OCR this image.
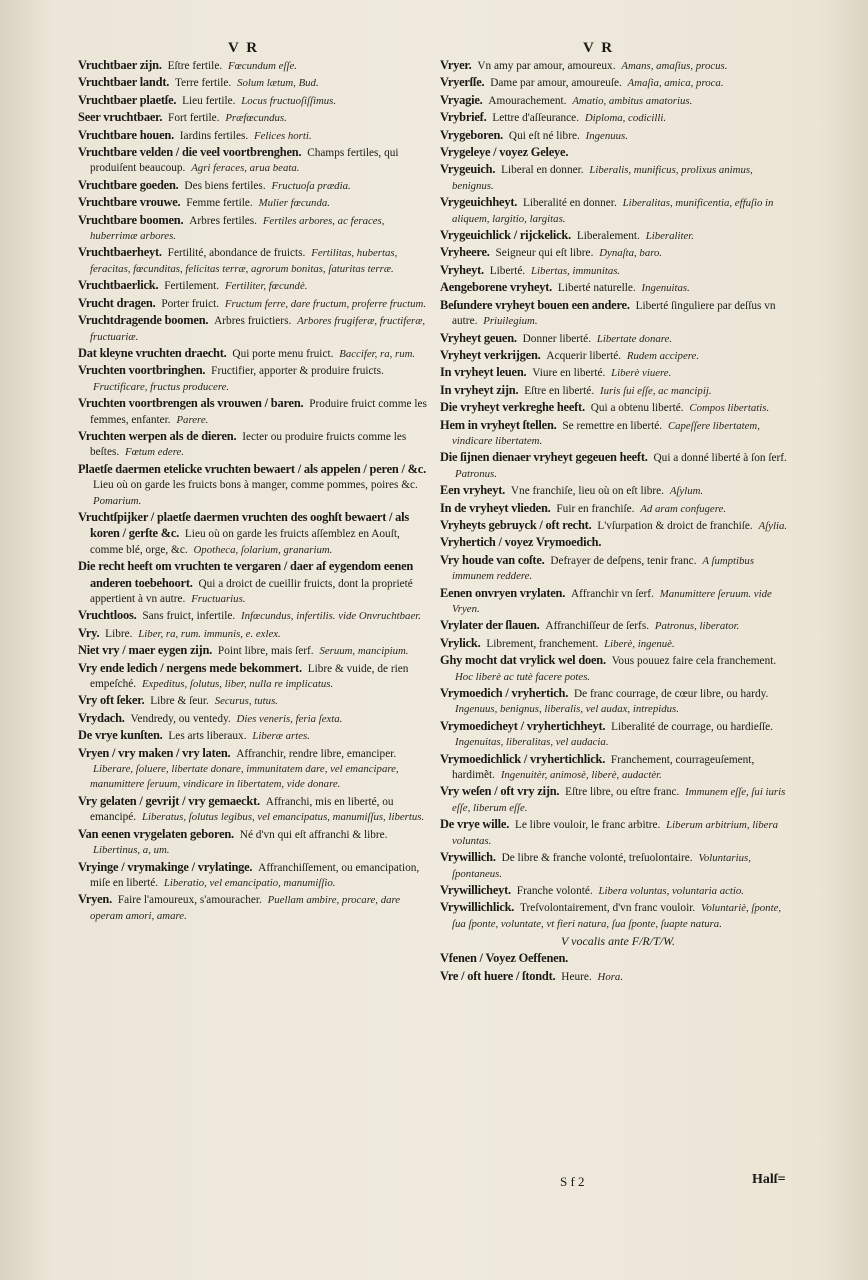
V R	V R
Vruchtbaer zijn. Eſtre fertile. Fœcundum eſſe.
Vruchtbaer landt. Terre fertile. Solum lætum, Bud.
Vruchtbaer plaetſe. Lieu fertile. Locus fructuoſiſſimus.
Seer vruchtbaer. Fort fertile. Præfœcundus.
Vruchtbare houen. Iardins fertiles. Felices horti.
Vruchtbare velden / die veel voortbrenghen. Champs fertiles, qui produiſent beaucoup. Agri feraces, arua beata.
Vruchtbare goeden. Des biens fertiles. Fructuoſa prædia.
Vruchtbare vrouwe. Femme fertile. Mulier fœcunda.
Vruchtbare boomen. Arbres fertiles. Fertiles arbores, ac feraces, huberrimæ arbores.
Vruchtbaerheyt. Fertilité, abondance de fruicts. Fertilitas, hubertas, feracitas, fœcunditas, felicitas terræ, agrorum bonitas, ſaturitas terræ.
Vruchtbaerlick. Fertilement. Fertiliter, fœcundè.
Vrucht dragen. Porter fruict. Fructum ferre, dare fructum, proferre fructum.
Vruchtdragende boomen. Arbres fruictiers. Arbores frugiferæ, fructiferæ, fructuariæ.
Dat kleyne vruchten draecht. Qui porte menu fruict. Baccifer, ra, rum.
Vruchten voortbringhen. Fructifier, apporter & produire fruicts. Fructificare, fructus producere.
Vruchten voortbrengen als vrouwen / baren. Produire fruict comme les femmes, enfanter. Parere.
Vruchten werpen als de dieren. Iecter ou produire fruicts comme les beſtes. Fœtum edere.
Plaetſe daermen etelicke vruchten bewaert / als appelen / peren / &c. Lieu où on garde les fruicts bons à manger, comme pommes, poires &c. Pomarium.
Vruchtſpijker / plaetſe daermen vruchten des ooghſt bewaert / als koren / gerſte &c. Lieu où on garde les fruicts aſſemblez en Aouſt, comme blé, orge, &c. Opotheca, ſolarium, granarium.
Die recht heeft om vruchten te vergaren / daer af eygendom eenen anderen toebehoort. Qui a droict de cueillir fruicts, dont la proprieté appertient à vn autre. Fructuarius.
Vruchtloos. Sans fruict, infertile. Infœcundus, infertilis. vide Onvruchtbaer.
Vry. Libre. Liber, ra, rum. immunis, e. exlex.
Niet vry / maer eygen zijn. Point libre, mais ſerf. Seruum, mancipium.
Vry ende ledich / nergens mede bekommert. Libre & vuide, de rien empeſché. Expeditus, ſolutus, liber, nulla re implicatus.
Vry oft ſeker. Libre & ſeur. Securus, tutus.
Vrydach. Vendredy, ou ventedy. Dies veneris, feria ſexta.
De vrye kunſten. Les arts liberaux. Liberæ artes.
Vryen / vry maken / vry laten. Affranchir, rendre libre, emanciper. Liberare, ſoluere, libertate donare, immunitatem dare, vel emancipare, manumittere ſeruum, vindicare in libertatem, vide donare.
Vry gelaten / gevrijt / vry gemaeckt. Affranchi, mis en liberté, ou emancipé. Liberatus, ſolutus legibus, vel emancipatus, manumiſſus, libertus.
Van eenen vrygelaten geboren. Né d'vn qui eſt affranchi & libre. Libertinus, a, um.
Vryinge / vrymakinge / vrylatinge. Affranchiſſement, ou emancipation, miſe en liberté. Liberatio, vel emancipatio, manumiſſio.
Vryen. Faire l'amoureux, s'amouracher. Puellam ambire, procare, dare operam amori, amare.
Vryer. Vn amy par amour, amoureux. Amans, amaſius, procus.
Vryerſſe. Dame par amour, amoureuſe. Amaſia, amica, proca.
Vryagie. Amourachement. Amatio, ambitus amatorius.
Vrybrief. Lettre d'aſſeurance. Diploma, codicilli.
Vrygeboren. Qui eſt né libre. Ingenuus.
Vrygeleye / voyez Geleye.
Vrygeuich. Liberal en donner. Liberalis, munificus, prolixus animus, benignus.
Vrygeuichheyt. Liberalité en donner. Liberalitas, munificentia, effuſio in aliquem, largitio, largitas.
Vrygeuichlick / rijckelick. Liberalement. Liberaliter.
Vryheere. Seigneur qui eſt libre. Dynaſta, baro.
Vryheyt. Liberté. Libertas, immunitas.
Aengeborene vryheyt. Liberté naturelle. Ingenuitas.
Beſundere vryheyt bouen een andere. Liberté ſinguliere par deſſus vn autre. Priuilegium.
Vryheyt geuen. Donner liberté. Libertate donare.
Vryheyt verkrijgen. Acquerir liberté. Rudem accipere.
In vryheyt leuen. Viure en liberté. Liberè viuere.
In vryheyt zijn. Eſtre en liberté. Iuris ſui eſſe, ac mancipij.
Die vryheyt verkreghe heeft. Qui a obtenu liberté. Compos libertatis.
Hem in vryheyt ſtellen. Se remettre en liberté. Capeſſere libertatem, vindicare libertatem.
Die ſijnen dienaer vryheyt gegeuen heeft. Qui a donné liberté à ſon ſerf. Patronus.
Een vryheyt. Vne franchiſe, lieu où on eſt libre. Aſylum.
In de vryheyt vlieden. Fuir en franchiſe. Ad aram confugere.
Vryheyts gebruyck / oft recht. L'vſurpation & droict de franchiſe. Aſylia.
Vryhertich / voyez Vrymoedich.
Vry houde van coſte. Defrayer de deſpens, tenir franc. A ſumptibus immunem reddere.
Eenen onvryen vrylaten. Affranchir vn ſerf. Manumittere ſeruum. vide Vryen.
Vrylater der ſlauen. Affranchiſſeur de ſerfs. Patronus, liberator.
Vrylick. Librement, franchement. Liberè, ingenuè.
Ghy mocht dat vrylick wel doen. Vous pouuez faire cela franchement. Hoc liberè ac tutè facere potes.
Vrymoedich / vryhertich. De franc courrage, de cœur libre, ou hardy. Ingenuus, benignus, liberalis, vel audax, intrepidus.
Vrymoedicheyt / vryhertichheyt. Liberalité de courrage, ou hardieſſe. Ingenuitas, liberalitas, vel audacia.
Vrymoedichlick / vryhertichlick. Franchement, courrageuſement, hardimẽt. Ingenuitèr, animosè, liberè, audactèr.
Vry weſen / oft vry zijn. Eſtre libre, ou eſtre franc. Immunem eſſe, ſui iuris eſſe, liberum eſſe.
De vrye wille. Le libre vouloir, le franc arbitre. Liberum arbitrium, libera voluntas.
Vrywillich. De libre & franche volonté, treſuolontaire. Voluntarius, ſpontaneus.
Vrywillicheyt. Franche volonté. Libera voluntas, voluntaria actio.
Vrywillichlick. Treſvolontairement, d'vn franc vouloir. Voluntariè, ſponte, ſua ſponte, voluntate, vt fieri natura, ſua ſponte, ſuapte natura.
V vocalis ante F/R/T/W.
Vfenen / Voyez Oeffenen.
Vre / oft huere / ſtondt. Heure. Hora.
S f 2	Halſ=
